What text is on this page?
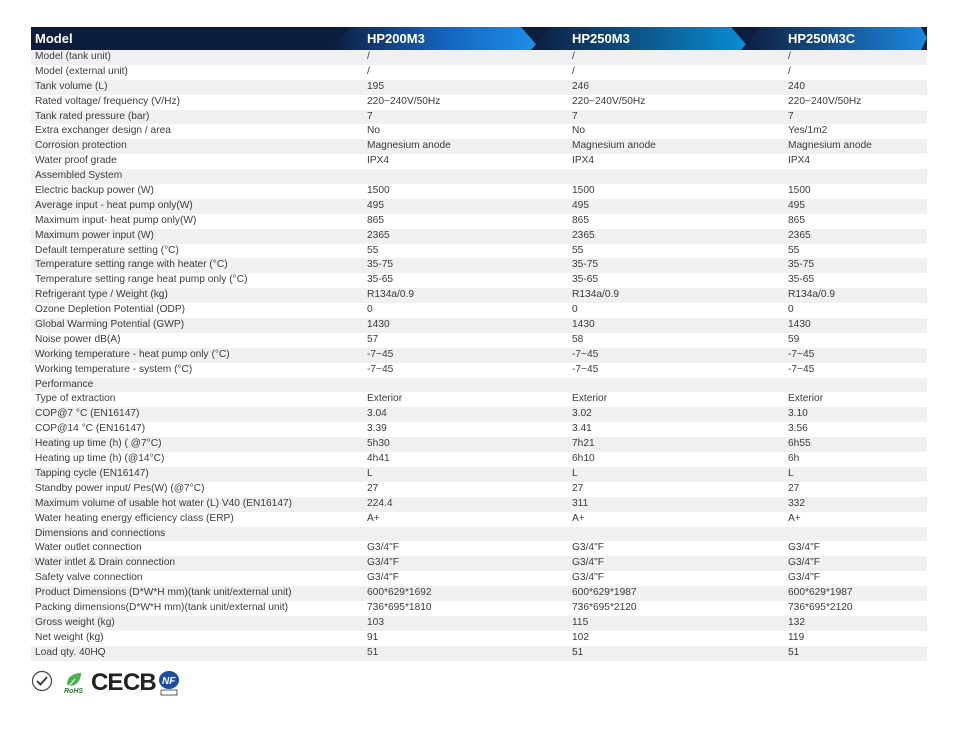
Model	HP200M3	HP250M3	HP250M3C
Model (tank unit)	/	/	/
Model (external unit)	/	/	/
Tank volume (L)	195	246	240
Rated voltage/ frequency (V/Hz)	220~240V/50Hz	220~240V/50Hz	220~240V/50Hz
Tank rated pressure (bar)	7	7	7
Extra exchanger design / area	No	No	Yes/1m2
Corrosion protection	Magnesium anode	Magnesium anode	Magnesium anode
Water proof grade	IPX4	IPX4	IPX4
Assembled System
Electric backup power (W)	1500	1500	1500
Average input - heat pump only(W)	495	495	495
Maximum input- heat pump only(W)	865	865	865
Maximum power input (W)	2365	2365	2365
Default temperature setting (°C)	55	55	55
Temperature setting range with heater (°C)	35-75	35-75	35-75
Temperature setting range heat pump only (°C)	35-65	35-65	35-65
Refrigerant type / Weight (kg)	R134a/0.9	R134a/0.9	R134a/0.9
Ozone Depletion Potential (ODP)	0	0	0
Global Warming Potential (GWP)	1430	1430	1430
Noise power dB(A)	57	58	59
Working temperature - heat pump only (°C)	-7~45	-7~45	-7~45
Working temperature - system (°C)	-7~45	-7~45	-7~45
Performance
Type of extraction	Exterior	Exterior	Exterior
COP@7 °C (EN16147)	3.04	3.02	3.10
COP@14 °C (EN16147)	3.39	3.41	3.56
Heating up time (h) ( @7°C)	5h30	7h21	6h55
Heating up time (h) (@14°C)	4h41	6h10	6h
Tapping cycle (EN16147)	L	L	L
Standby power input/ Pes(W) (@7°C)	27	27	27
Maximum volume of usable hot water (L) V40 (EN16147)	224.4	311	332
Water heating energy efficiency class (ERP)	A+	A+	A+
Dimensions and connections
Water outlet connection	G3/4"F	G3/4"F	G3/4"F
Water intlet & Drain connection	G3/4"F	G3/4"F	G3/4"F
Safety valve connection	G3/4"F	G3/4"F	G3/4"F
Product Dimensions (D*W*H mm)(tank unit/external unit)	600*629*1692	600*629*1987	600*629*1987
Packing dimensions(D*W*H mm)(tank unit/external unit)	736*695*1810	736*695*2120	736*695*2120
Gross weight (kg)	103	115	132
Net weight (kg)	91	102	119
Load qty. 40HQ	51	51	51
RoHS CE CB NF
